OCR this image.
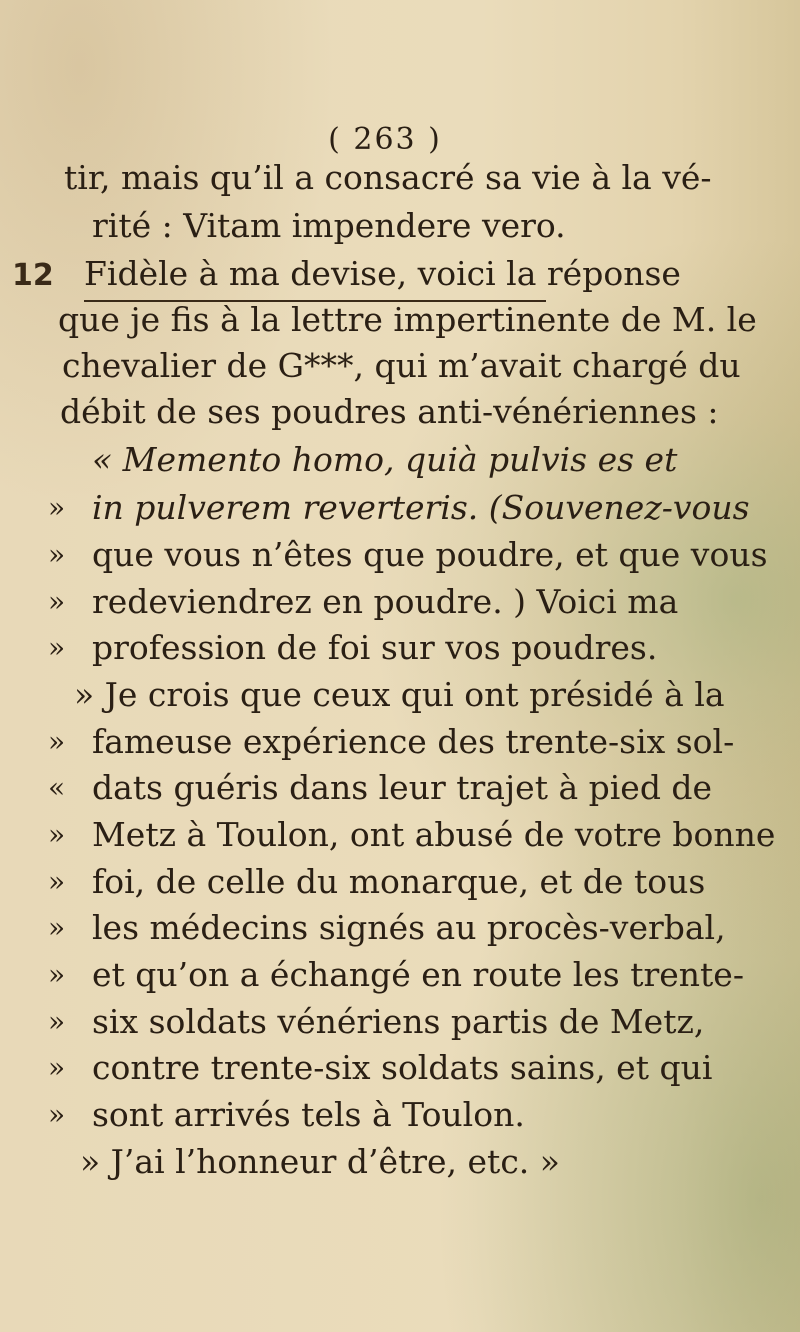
( 263 )
12
tir, mais qu’il a consacré sa vie à la vé-
rité : Vitam impendere vero.
Fidèle à ma devise, voici la réponse
que je fis à la lettre impertinente de M. le
chevalier de G***, qui m’avait chargé du
débit de ses poudres anti-vénériennes :
« Memento homo, quià pulvis es et
» in pulverem reverteris. (Souvenez-vous
» que vous n’êtes que poudre, et que vous
» redeviendrez en poudre. ) Voici ma
» profession de foi sur vos poudres.
» Je crois que ceux qui ont présidé à la
» fameuse expérience des trente-six sol-
« dats guéris dans leur trajet à pied de
» Metz à Toulon, ont abusé de votre bonne
» foi, de celle du monarque, et de tous
» les médecins signés au procès-verbal,
» et qu’on a échangé en route les trente-
» six soldats vénériens partis de Metz,
» contre trente-six soldats sains, et qui
» sont arrivés tels à Toulon.
» J’ai l’honneur d’être, etc. »
